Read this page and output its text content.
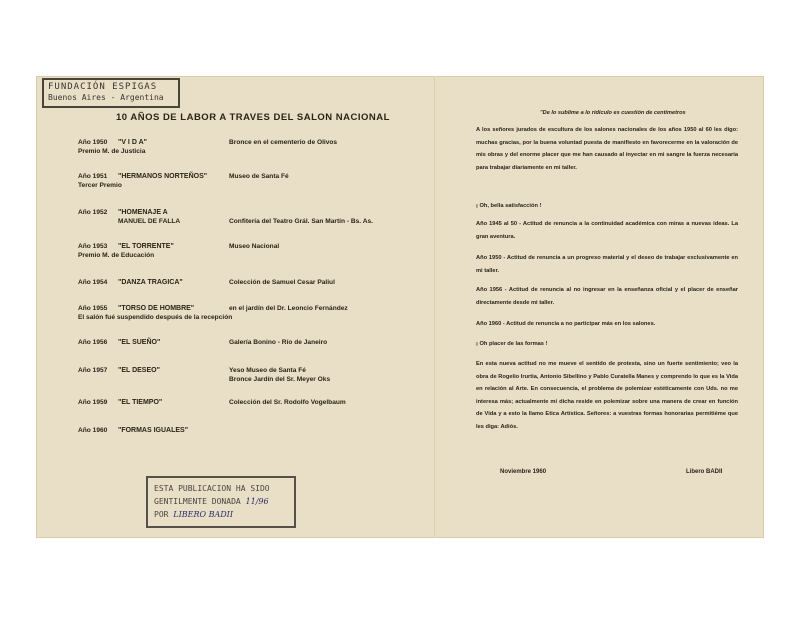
FUNDACIÓN ESPIGAS
Buenos Aires - Argentina
10 AÑOS DE LABOR A TRAVES DEL SALON NACIONAL
Año 1950 "V I D A"	Bronce en el cementerio de Olivos
Premio M. de Justicia
Año 1951 "HERMANOS NORTEÑOS"	Museo de Santa Fé
Tercer Premio
Año 1952 "HOMENAJE A
MANUEL DE FALLA	Confitería del Teatro Grál. San Martín - Bs. As.
Año 1953 "EL TORRENTE"	Museo Nacional
Premio M. de Educación
Año 1954 "DANZA TRAGICA"	Colección de Samuel Cesar Paliul
Año 1955 "TORSO DE HOMBRE"	en el jardín del Dr. Leoncio Fernández
El salón fué suspendido después de la recepción
Año 1956 "EL SUEÑO"	Galería Bonino - Río de Janeiro
Año 1957 "EL DESEO"	Yeso Museo de Santa Fé
Bronce Jardín del Sr. Meyer Oks
Año 1959 "EL TIEMPO"	Colección del Sr. Rodolfo Vogelbaum
Año 1960 "FORMAS IGUALES"
ESTA PUBLICACION HA SIDO
GENTILMENTE DONADA 11/96
POR LIBERO BADII
"De lo sublime a lo ridículo es cuestión de centímetros
A los señores jurados de escultura de los salones nacionales de los años 1950 al 60 les digo: muchas gracias, por la buena voluntad puesta de manifiesto en favorecerme en la valoración de mis obras y del enorme placer que me han causado al inyectar en mi sangre la fuerza necesaria para trabajar diariamente en mi taller.
¡ Oh, bella satisfacción !
Año 1945 al 50 - Actitud de renuncia a la continuidad académica con miras a nuevas ideas. La gran aventura.
Año 1950 - Actitud de renuncia a un progreso material y el deseo de trabajar exclusivamente en mi taller.
Año 1956 - Actitud de renuncia al no ingresar en la enseñanza oficial y el placer de enseñar directamente desde mi taller.
Año 1960 - Actitud de renuncia a no participar más en los salones.
¡ Oh placer de las formas !
En esta nueva actitud no me mueve el sentido de protesta, sino un fuerte sentimiento; veo la obra de Rogelio Irurtia, Antonio Sibellino y Pablo Curatella Manes y comprendo lo que es la Vida en relación al Arte. En consecuencia, el problema de polemizar estéticamente con Uds. no me interesa más; actualmente mi dicha reside en polemizar sobre una manera de crear en función de Vida y a esto la llamo Etica Artística. Señores: a vuestras formas honorarias permitiéme que les diga: Adiós.
Noviembre 1960	Libero BADII
